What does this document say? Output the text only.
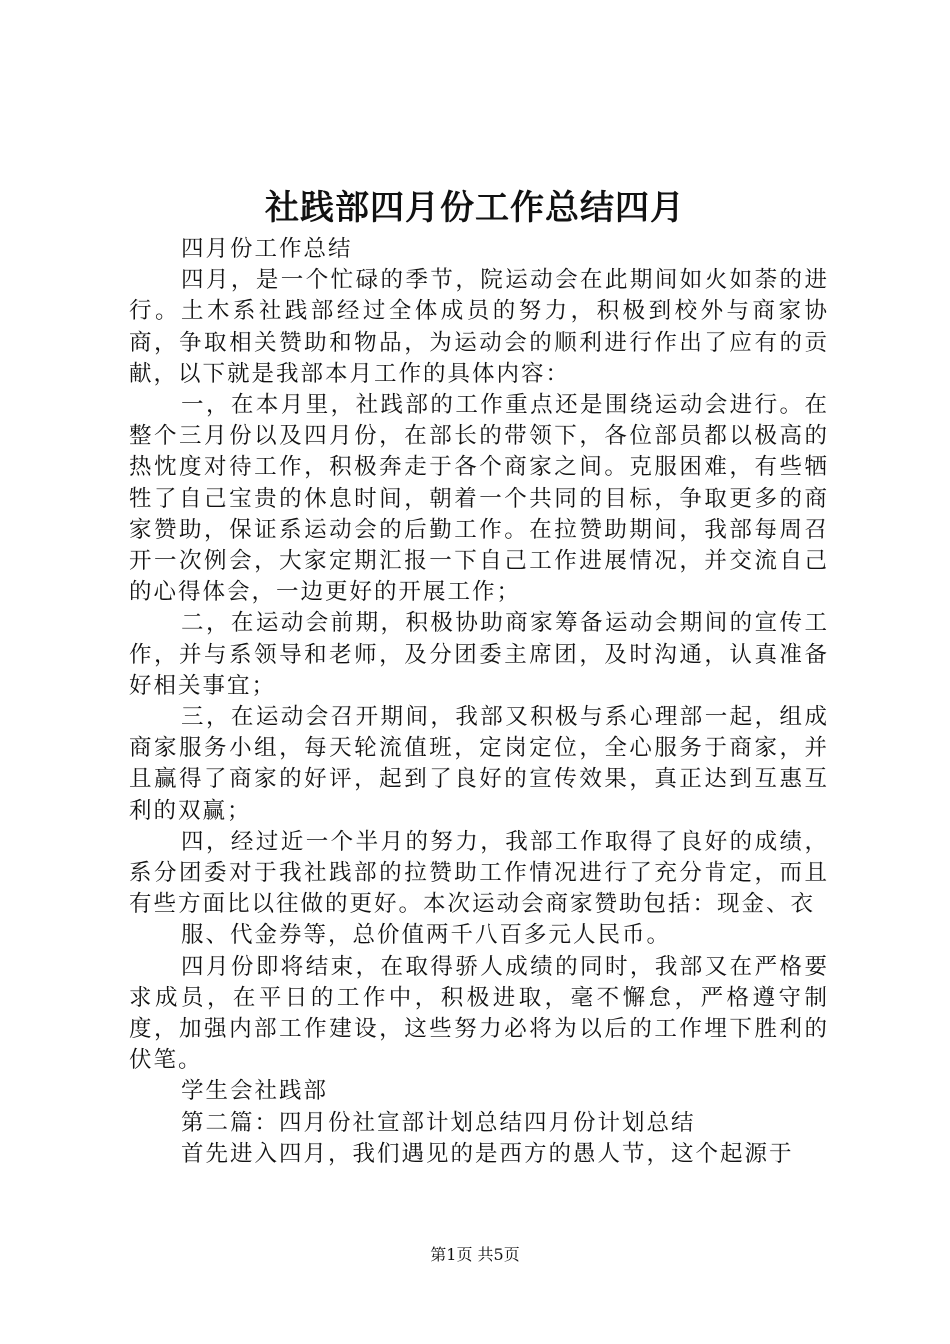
社践部四月份工作总结四月

四月份工作总结

四月，是一个忙碌的季节，院运动会在此期间如火如荼的进行。土木系社践部经过全体成员的努力，积极到校外与商家协商，争取相关赞助和物品，为运动会的顺利进行作出了应有的贡献，以下就是我部本月工作的具体内容：

一，在本月里，社践部的工作重点还是围绕运动会进行。在整个三月份以及四月份，在部长的带领下，各位部员都以极高的热忱度对待工作，积极奔走于各个商家之间。克服困难，有些牺牲了自己宝贵的休息时间，朝着一个共同的目标，争取更多的商家赞助，保证系运动会的后勤工作。在拉赞助期间，我部每周召开一次例会，大家定期汇报一下自己工作进展情况，并交流自己的心得体会，一边更好的开展工作；

二，在运动会前期，积极协助商家筹备运动会期间的宣传工作，并与系领导和老师，及分团委主席团，及时沟通，认真准备好相关事宜；

三，在运动会召开期间，我部又积极与系心理部一起，组成商家服务小组，每天轮流值班，定岗定位，全心服务于商家，并且赢得了商家的好评，起到了良好的宣传效果，真正达到互惠互利的双赢；

四，经过近一个半月的努力，我部工作取得了良好的成绩，系分团委对于我社践部的拉赞助工作情况进行了充分肯定，而且有些方面比以往做的更好。本次运动会商家赞助包括：现金、衣

服、代金券等，总价值两千八百多元人民币。

四月份即将结束，在取得骄人成绩的同时，我部又在严格要求成员，在平日的工作中，积极进取，毫不懈怠，严格遵守制度，加强内部工作建设，这些努力必将为以后的工作埋下胜利的伏笔。

学生会社践部

第二篇：四月份社宣部计划总结四月份计划总结

首先进入四月，我们遇见的是西方的愚人节，这个起源于

第1页 共5页
